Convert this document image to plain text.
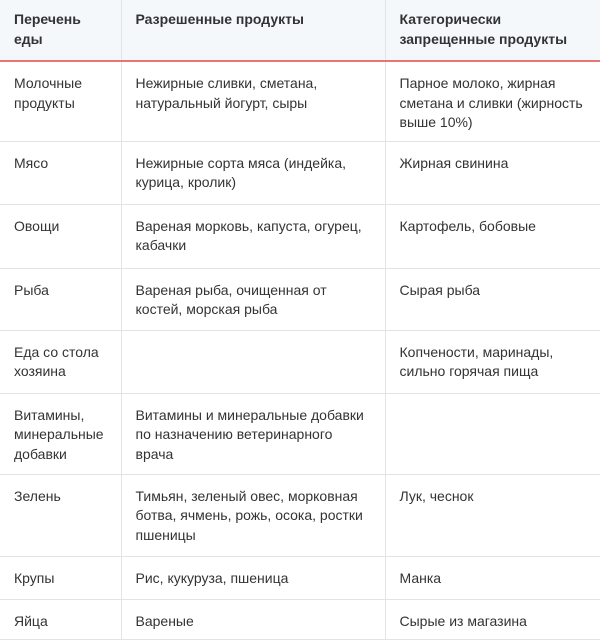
Перечень еды	Разрешенные продукты	Категорически запрещенные продукты
Молочные продукты	Нежирные сливки, сметана, натуральный йогурт, сыры	Парное молоко, жирная сметана и сливки (жирность выше 10%)
Мясо	Нежирные сорта мяса (индейка, курица, кролик)	Жирная свинина
Овощи	Вареная морковь, капуста, огурец, кабачки	Картофель, бобовые
Рыба	Вареная рыба, очищенная от костей, морская рыба	Сырая рыба
Еда со стола хозяина		Копчености, маринады, сильно горячая пища
Витамины, минеральные добавки	Витамины и минеральные добавки по назначению ветеринарного врача	
Зелень	Тимьян, зеленый овес, морковная ботва, ячмень, рожь, осока, ростки пшеницы	Лук, чеснок
Крупы	Рис, кукуруза, пшеница	Манка
Яйца	Вареные	Сырые из магазина
